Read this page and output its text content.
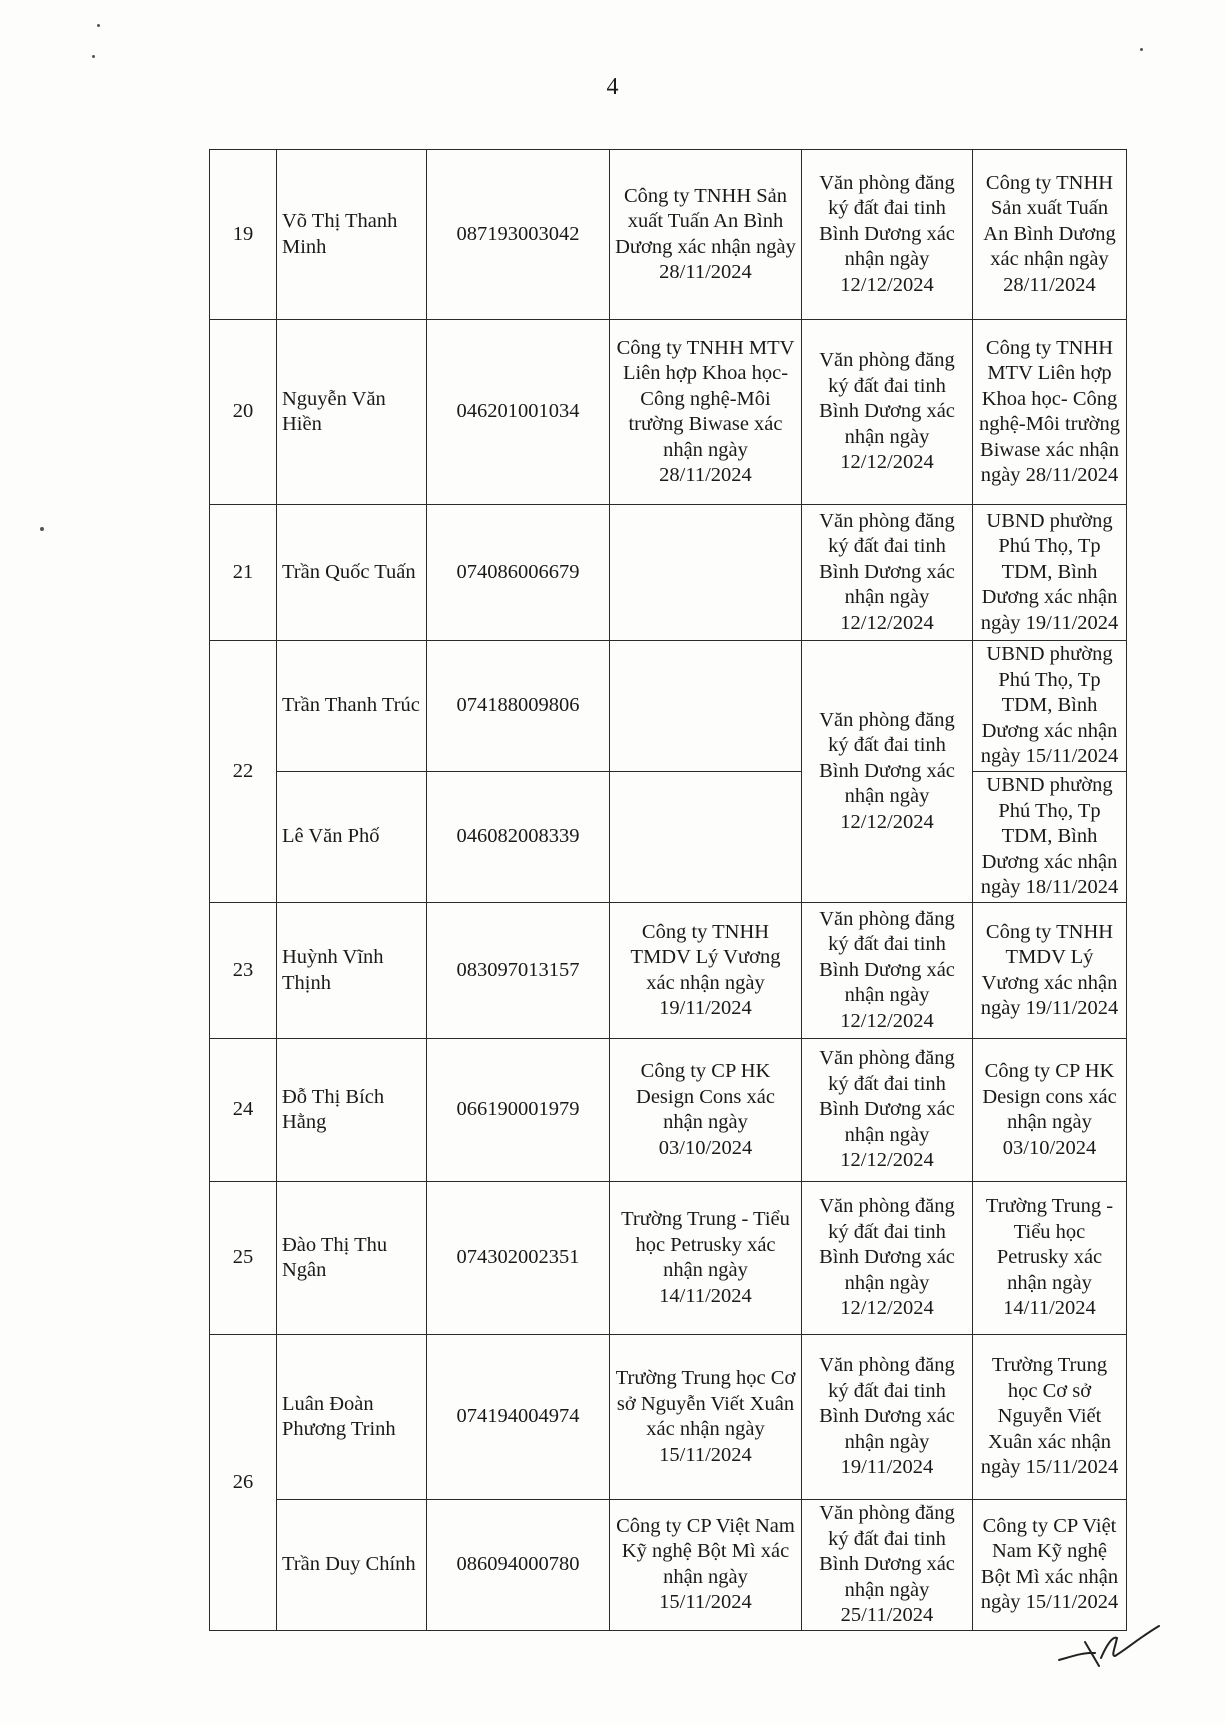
4
19	Võ Thị Thanh Minh	087193003042	Công ty TNHH Sản xuất Tuấn An Bình Dương xác nhận ngày 28/11/2024	Văn phòng đăng ký đất đai tinh Bình Dương xác nhận ngày 12/12/2024	Công ty TNHH Sản xuất Tuấn An Bình Dương xác nhận ngày 28/11/2024
20	Nguyễn Văn Hiền	046201001034	Công ty TNHH MTV Liên hợp Khoa học- Công nghệ-Môi trường Biwase xác nhận ngày 28/11/2024	Văn phòng đăng ký đất đai tinh Bình Dương xác nhận ngày 12/12/2024	Công ty TNHH MTV Liên hợp Khoa học- Công nghệ-Môi trường Biwase xác nhận ngày 28/11/2024
21	Trần Quốc Tuấn	074086006679		Văn phòng đăng ký đất đai tinh Bình Dương xác nhận ngày 12/12/2024	UBND phường Phú Thọ, Tp TDM, Bình Dương xác nhận ngày 19/11/2024
22	Trần Thanh Trúc	074188009806		Văn phòng đăng ký đất đai tinh Bình Dương xác nhận ngày 12/12/2024	UBND phường Phú Thọ, Tp TDM, Bình Dương xác nhận ngày 15/11/2024
	Lê Văn Phố	046082008339			UBND phường Phú Thọ, Tp TDM, Bình Dương xác nhận ngày 18/11/2024
23	Huỳnh Vĩnh Thịnh	083097013157	Công ty TNHH TMDV Lý Vương xác nhận ngày 19/11/2024	Văn phòng đăng ký đất đai tinh Bình Dương xác nhận ngày 12/12/2024	Công ty TNHH TMDV Lý Vương xác nhận ngày 19/11/2024
24	Đỗ Thị Bích Hằng	066190001979	Công ty CP HK Design Cons xác nhận ngày 03/10/2024	Văn phòng đăng ký đất đai tinh Bình Dương xác nhận ngày 12/12/2024	Công ty CP HK Design cons xác nhận ngày 03/10/2024
25	Đào Thị Thu Ngân	074302002351	Trường Trung - Tiểu học Petrusky xác nhận ngày 14/11/2024	Văn phòng đăng ký đất đai tinh Bình Dương xác nhận ngày 12/12/2024	Trường Trung - Tiểu học Petrusky xác nhận ngày 14/11/2024
26	Luân Đoàn Phương Trinh	074194004974	Trường Trung học Cơ sở Nguyễn Viết Xuân xác nhận ngày 15/11/2024	Văn phòng đăng ký đất đai tinh Bình Dương xác nhận ngày 19/11/2024	Trường Trung học Cơ sở Nguyễn Viết Xuân xác nhận ngày 15/11/2024
	Trần Duy Chính	086094000780	Công ty CP Việt Nam Kỹ nghệ Bột Mì xác nhận ngày 15/11/2024	Văn phòng đăng ký đất đai tinh Bình Dương xác nhận ngày 25/11/2024	Công ty CP Việt Nam Kỹ nghệ Bột Mì xác nhận ngày 15/11/2024
